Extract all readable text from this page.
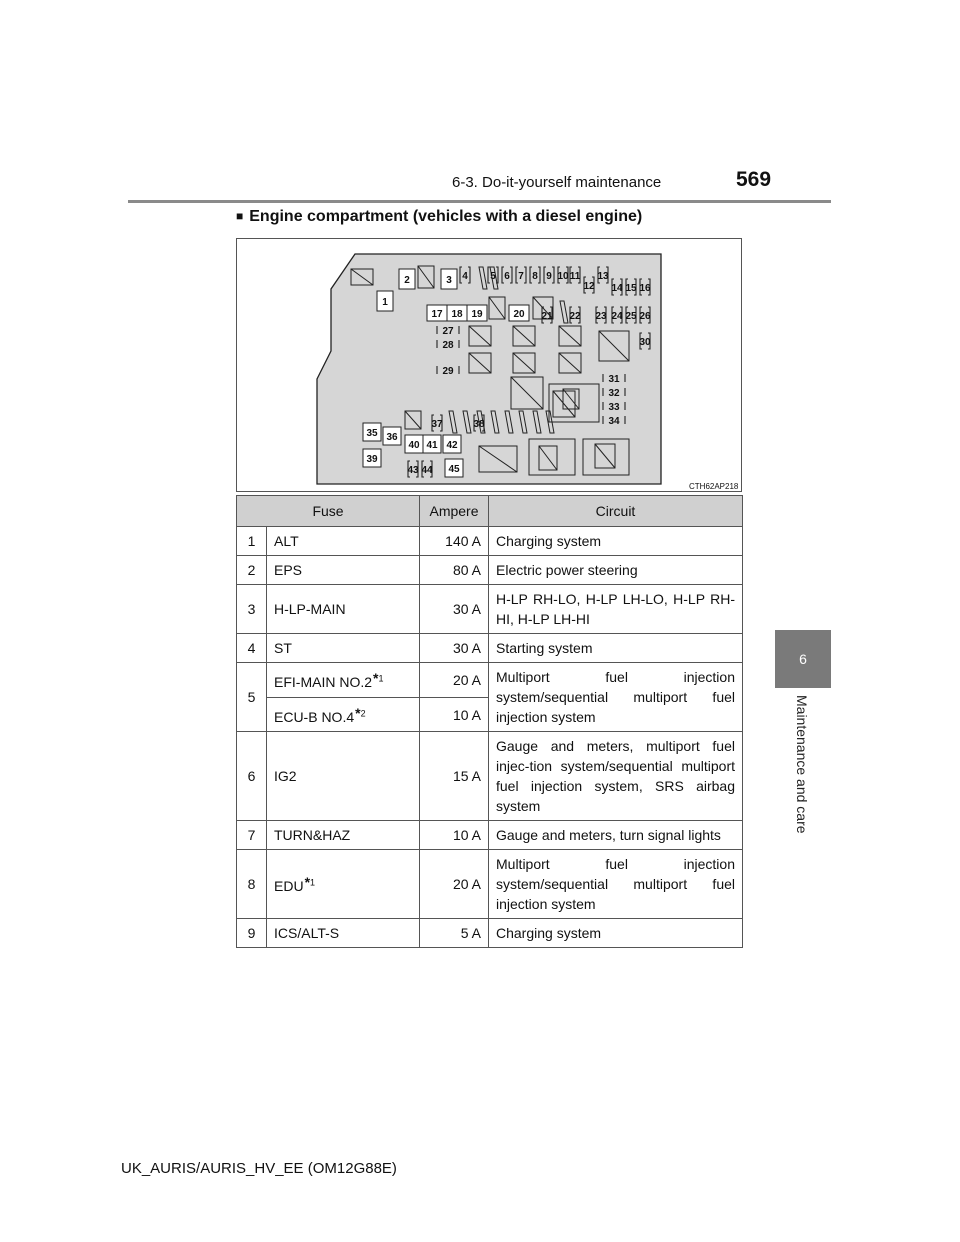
6-3. Do-it-yourself maintenance	569
6
Maintenance and care
■ Engine compartment (vehicles with a diesel engine)
1
2	3
17 18 19	20
35 36
39
40 41 42
45
4 5 6 7 8 9 10 11
12
13
14 15 16
21 22 23 24 25 26
30
37	38
43 44
27
28
29
31
32
33
34
CTH62AP218
Fuse		Ampere	Circuit
1	ALT	140 A	Charging system
2	EPS	80 A	Electric power steering
3	H-LP-MAIN	30 A	H-LP RH-LO, H-LP LH-LO, H-LP RH-HI, H-LP LH-HI
4	ST	30 A	Starting system
5	EFI-MAIN NO.2*$^1$	20 A	Multiport fuel injection system/sequential multiport fuel injection system
	ECU-B NO.4*$^2$	10 A	
6	IG2	15 A	Gauge and meters, multiport fuel injec-tion system/sequential multiport fuel injection system, SRS airbag system
7	TURN&HAZ	10 A	Gauge and meters, turn signal lights
8	EDU*$^1$	20 A	Multiport fuel injection system/sequential multiport fuel injection system
9	ICS/ALT-S	5 A	Charging system
UK_AURIS/AURIS_HV_EE (OM12G88E)
